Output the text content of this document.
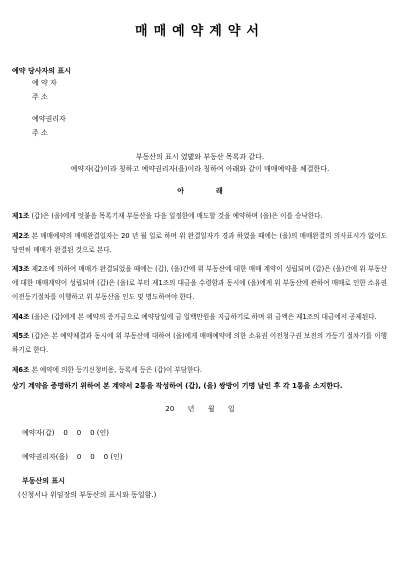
매매예약계약서
예약 당사자의 표시
예 약 자
주 소
예약권리자
주 소
부동산의 표시 였볊와 부동산 목록과 같다.
예약자(갑)이라 칭하고 예약권리자(을)이라 칭하여 아래와 같이 매매예약을 체결한다.
아래
제1조 (갑)은 (을)에게 엇붙음 목록기재 부동산을 다음 일정한에 매도할 것을 예약하며 (을)은 이를 승낙한다.
제2조 본 매매예약의 매매완결일자는 20 년 월 일로 하며 위 완결일자가 경과 하였을 때에는 (을)의 매매완결의 의사표시가 없어도 당연히 매매가 완결된 것으로 본다.
제3조 제2조에 의하여 매매가 완결되었을 때에는 (갑), (을)간에 위 부동산에 대한 매매 계약이 성립되며 (갑)은 (을)간에 위 부동산에 대한 매매계약이 성립되며 (갑)은 (을)로 부터 제1조의 대금을 수령함과 동시에 (을)에게 위 부동산에 관하여 매매로 인한 소유권이전등기절차를 이행하고 위 부동산을 인도 및 명도하여야 한다.
제4조 (을)은 (갑)에게 본 예약의 증거금으로 예약당일에 금 일백만원을 지급하기로 하며 위 금액은 제1조의 대금에서 공제된다.
제5조 (갑)은 본 예약체결과 동시에 위 부동산에 대하여 (을)에게 매매예약에 의한 소유권 이전청구권 보전의 가등기 절차기를 이행하기로 한다.
제6조 본 예약에 의한 등기신청비용, 등록세 등은 (갑)이 부담한다.
상기 계약을 증명하기 위하여 본 계약서 2통을 작성하여 (갑), (을) 쌍방이 기명 날인 후 각 1통을 소지한다.
20      년      월      일
예약자(갑)    0    0    0 (인)
예약권리자(을)    0    0    0 (인)
부동산의 표시
(신청서나 위임장의 부동산의 표시와 동일함.)
